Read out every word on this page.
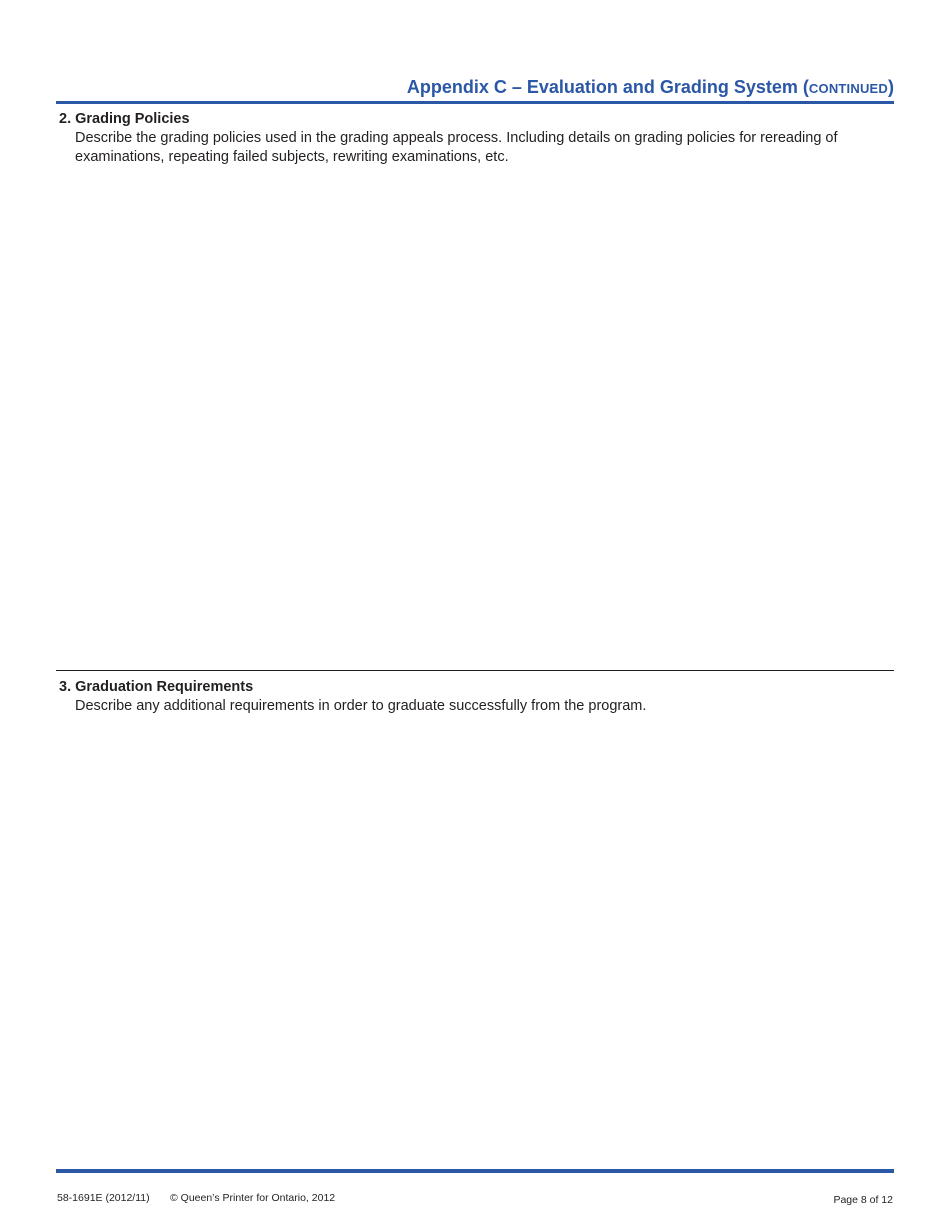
Appendix C – Evaluation and Grading System (CONTINUED)
2. Grading Policies
Describe the grading policies used in the grading appeals process. Including details on grading policies for rereading of examinations, repeating failed subjects, rewriting examinations, etc.
3. Graduation Requirements
Describe any additional requirements in order to graduate successfully from the program.
58-1691E (2012/11) © Queen’s Printer for Ontario, 2012	Page 8 of 12
